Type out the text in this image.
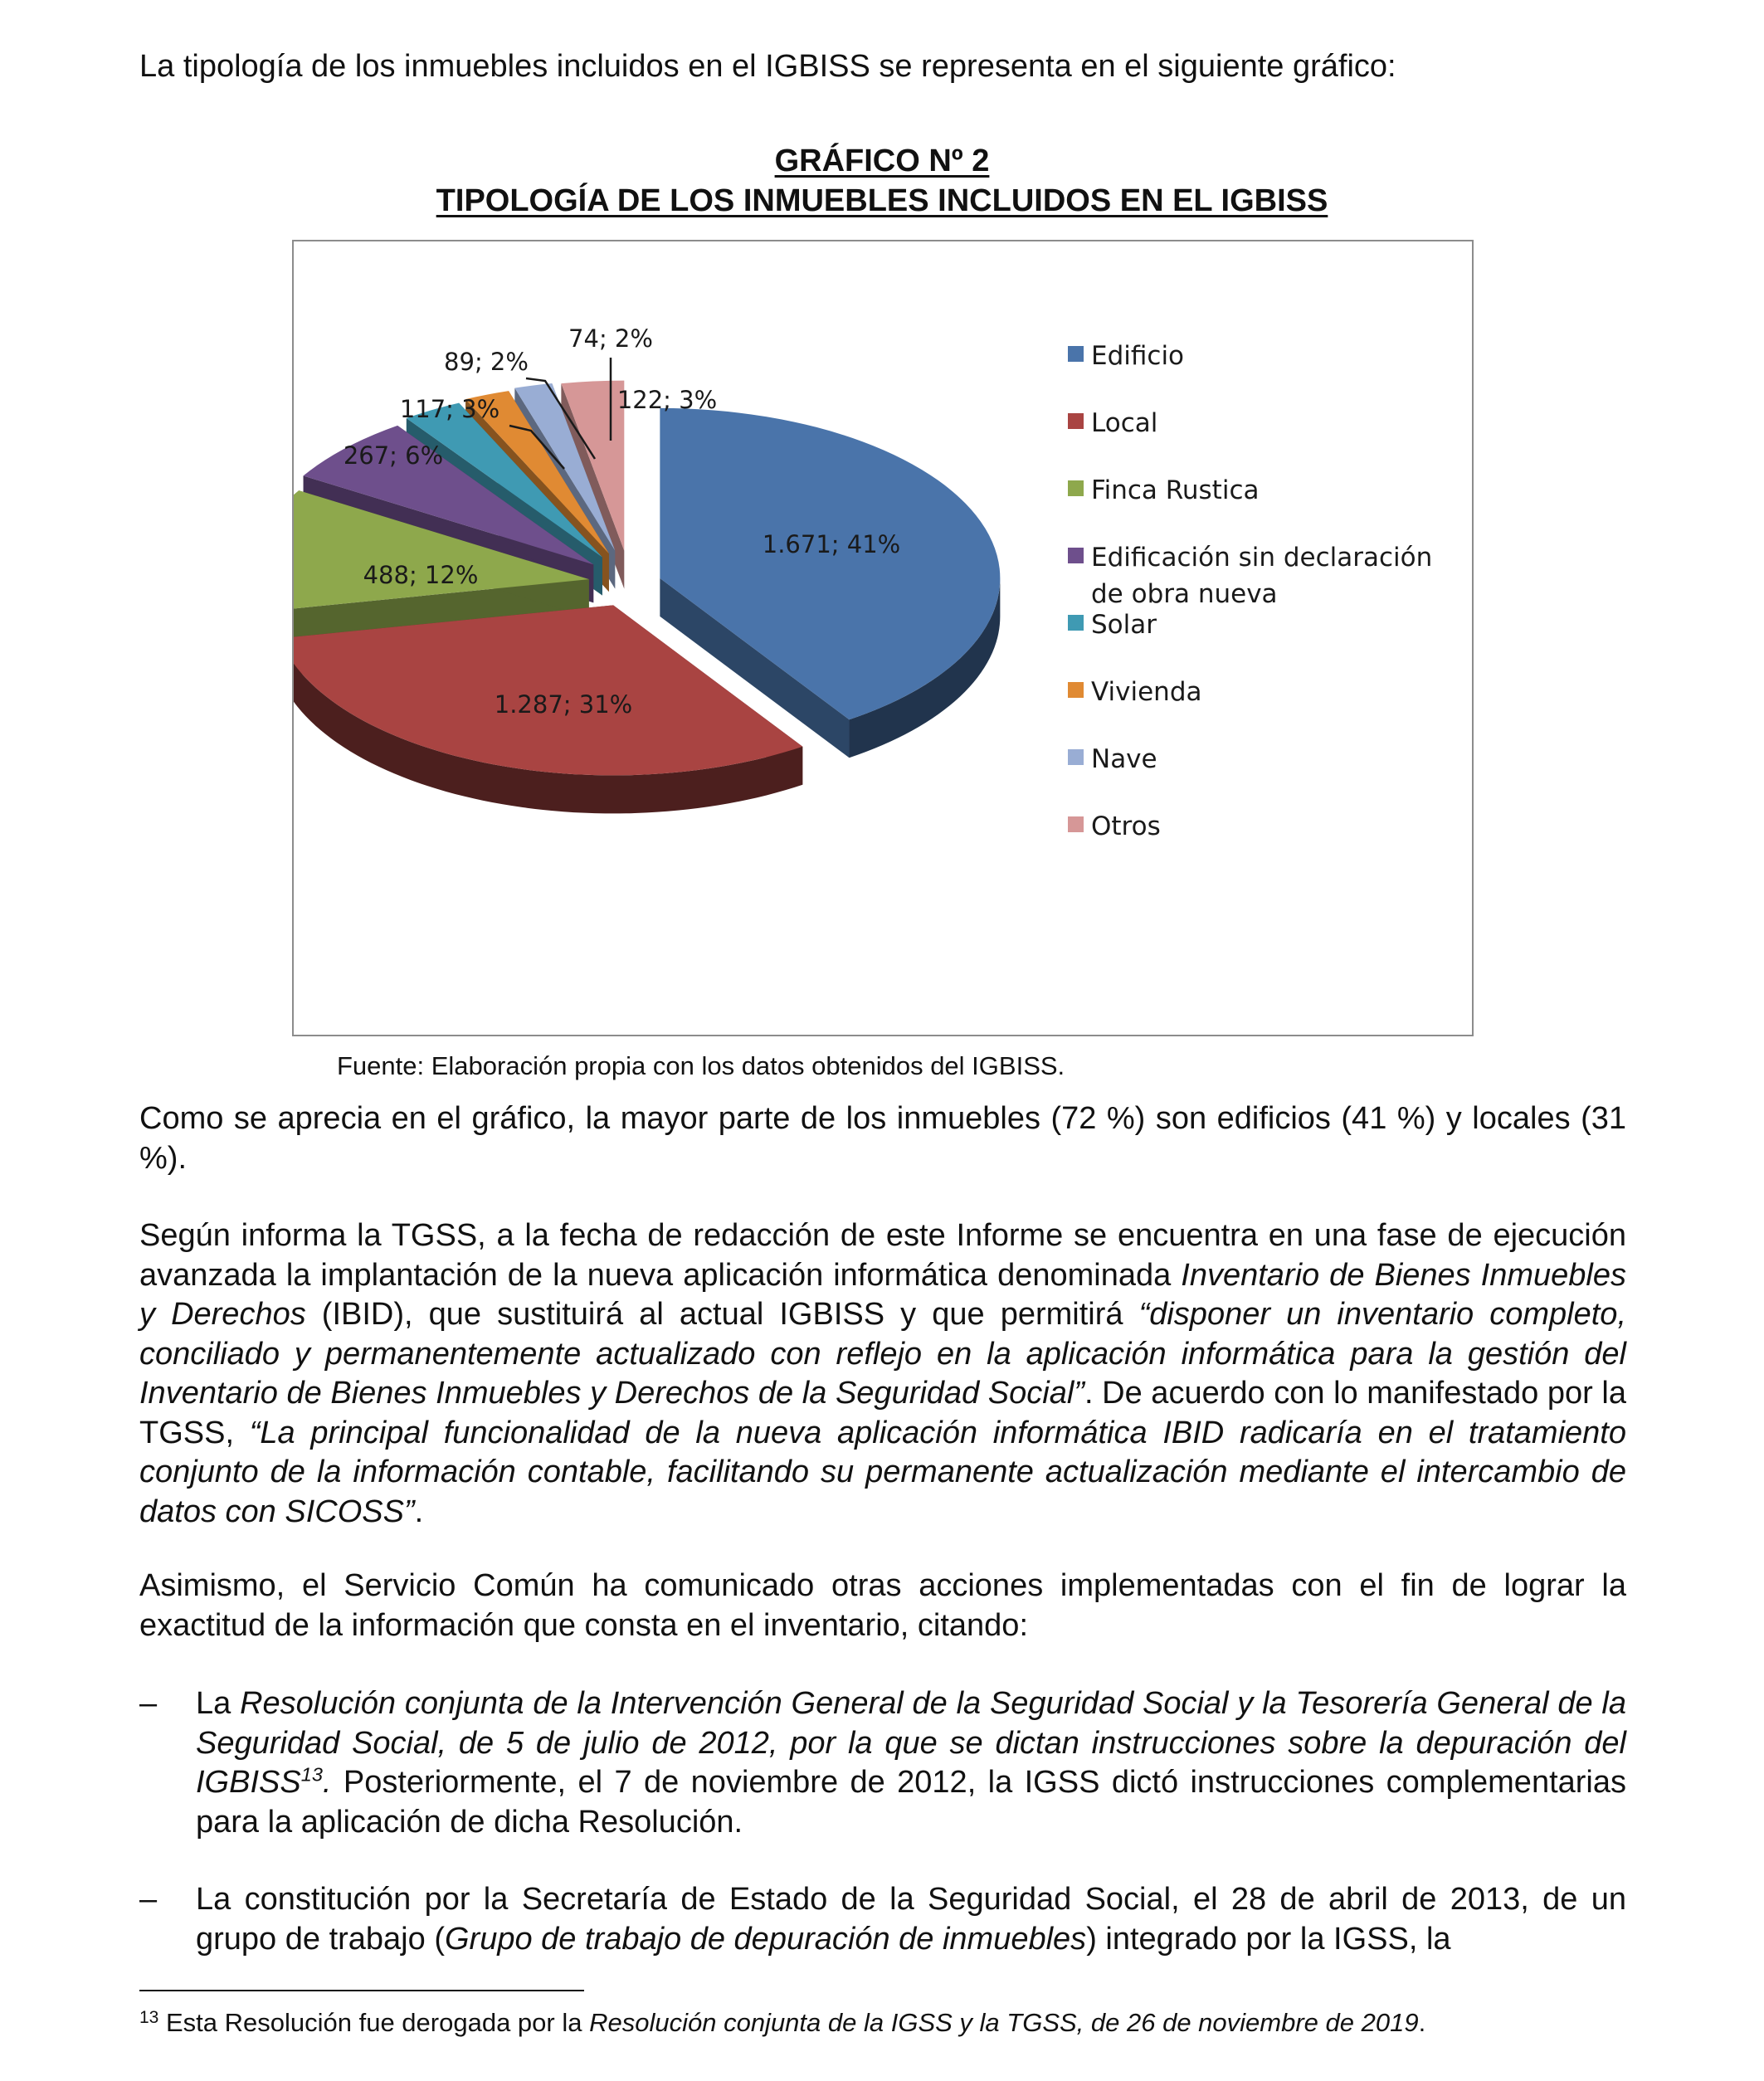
La tipología de los inmuebles incluidos en el IGBISS se representa en el siguiente gráfico:

GRÁFICO Nº 2
TIPOLOGÍA DE LOS INMUEBLES INCLUIDOS EN EL IGBISS
1.671; 41%
1.287; 31%
488; 12%
267; 6%
117; 3%
89; 2%
74; 2%
122; 3%
Edificio
Local
Finca Rustica
Edificación sin declaración
de obra nueva
Solar
Vivienda
Nave
Otros
Fuente: Elaboración propia con los datos obtenidos del IGBISS.

Como se aprecia en el gráfico, la mayor parte de los inmuebles (72 %) son edificios (41 %) y locales (31 %).

Según informa la TGSS, a la fecha de redacción de este Informe se encuentra en una fase de ejecución avanzada la implantación de la nueva aplicación informática denominada Inventario de Bienes Inmuebles y Derechos (IBID), que sustituirá al actual IGBISS y que permitirá “disponer un inventario completo, conciliado y permanentemente actualizado con reflejo en la aplicación informática para la gestión del Inventario de Bienes Inmuebles y Derechos de la Seguridad Social”. De acuerdo con lo manifestado por la TGSS, “La principal funcionalidad de la nueva aplicación informática IBID radicaría en el tratamiento conjunto de la información contable, facilitando su permanente actualización mediante el intercambio de datos con SICOSS”.

Asimismo, el Servicio Común ha comunicado otras acciones implementadas con el fin de lograr la exactitud de la información que consta en el inventario, citando:

– La Resolución conjunta de la Intervención General de la Seguridad Social y la Tesorería General de la Seguridad Social, de 5 de julio de 2012, por la que se dictan instrucciones sobre la depuración del IGBISS$^{13}$. Posteriormente, el 7 de noviembre de 2012, la IGSS dictó instrucciones complementarias para la aplicación de dicha Resolución.

– La constitución por la Secretaría de Estado de la Seguridad Social, el 28 de abril de 2013, de un grupo de trabajo (Grupo de trabajo de depuración de inmuebles) integrado por la IGSS, la

$^{13}$ Esta Resolución fue derogada por la Resolución conjunta de la IGSS y la TGSS, de 26 de noviembre de 2019.
